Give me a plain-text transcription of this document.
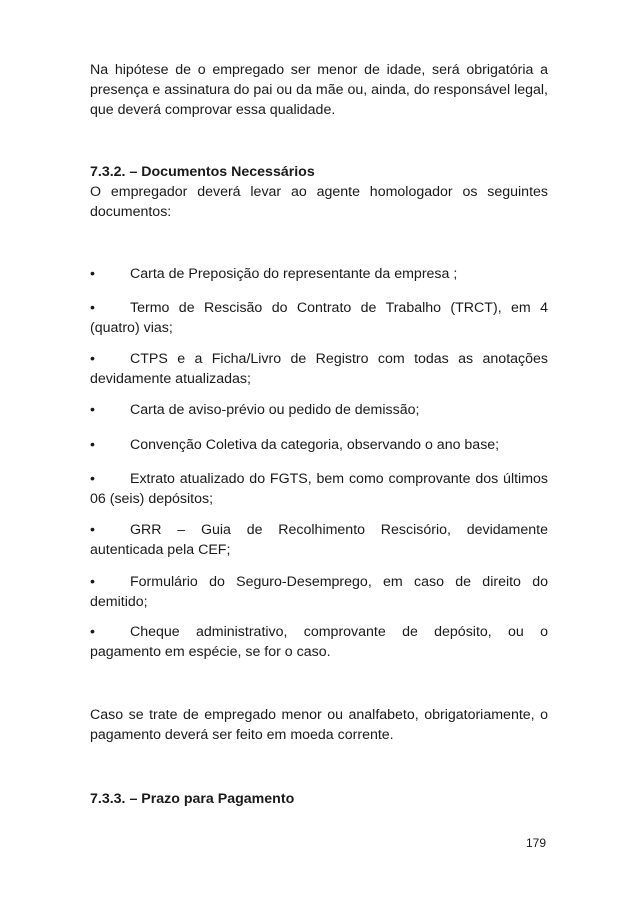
Na hipótese de o empregado ser menor de idade, será obrigatória a presença e assinatura do pai ou da mãe ou, ainda, do responsável legal, que deverá comprovar essa qualidade.

7.3.2. – Documentos Necessários
O empregador deverá levar ao agente homologador os seguintes documentos:
• Carta de Preposição do representante da empresa ;
• Termo de Rescisão do Contrato de Trabalho (TRCT), em 4 (quatro) vias;
• CTPS e a Ficha/Livro de Registro com todas as anotações devidamente atualizadas;
• Carta de aviso-prévio ou pedido de demissão;
• Convenção Coletiva da categoria, observando o ano base;
• Extrato atualizado do FGTS, bem como comprovante dos últimos 06 (seis) depósitos;
• GRR – Guia de Recolhimento Rescisório, devidamente autenticada pela CEF;
• Formulário do Seguro-Desemprego, em caso de direito do demitido;
• Cheque administrativo, comprovante de depósito, ou o pagamento em espécie, se for o caso.

Caso se trate de empregado menor ou analfabeto, obrigatoriamente, o pagamento deverá ser feito em moeda corrente.

7.3.3. – Prazo para Pagamento
179
